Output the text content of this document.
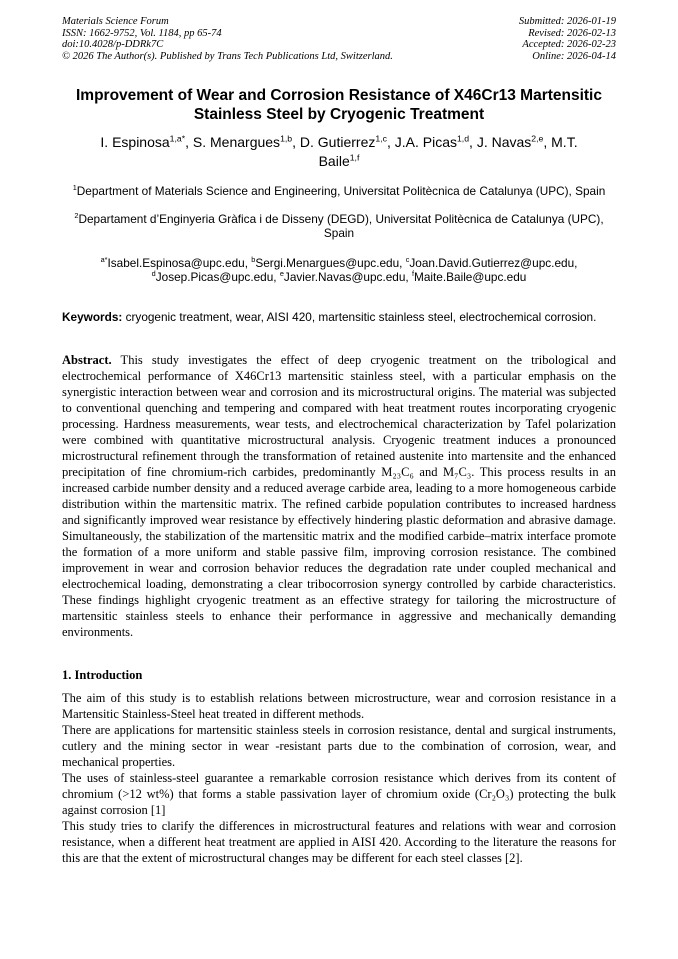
Materials Science Forum
ISSN: 1662-9752, Vol. 1184, pp 65-74
doi:10.4028/p-DDRk7C
© 2026 The Author(s). Published by Trans Tech Publications Ltd, Switzerland.
Submitted: 2026-01-19
Revised: 2026-02-13
Accepted: 2026-02-23
Online: 2026-04-14
Improvement of Wear and Corrosion Resistance of X46Cr13 Martensitic Stainless Steel by Cryogenic Treatment

I. Espinosa$^{1,a*}$, S. Menargues$^{1,b}$, D. Gutierrez$^{1,c}$, J.A. Picas$^{1,d}$, J. Navas$^{2,e}$, M.T. Baile$^{1,f}$

$^1$Department of Materials Science and Engineering, Universitat Politècnica de Catalunya (UPC), Spain

$^2$Departament d’Enginyeria Gràfica i de Disseny (DEGD), Universitat Politècnica de Catalunya (UPC), Spain

$^{a*}$Isabel.Espinosa@upc.edu, $^b$Sergi.Menargues@upc.edu, $^c$Joan.David.Gutierrez@upc.edu, $^d$Josep.Picas@upc.edu, $^e$Javier.Navas@upc.edu, $^f$Maite.Baile@upc.edu

Keywords: cryogenic treatment, wear, AISI 420, martensitic stainless steel, electrochemical corrosion.

Abstract. This study investigates the effect of deep cryogenic treatment on the tribological and electrochemical performance of X46Cr13 martensitic stainless steel, with a particular emphasis on the synergistic interaction between wear and corrosion and its microstructural origins. The material was subjected to conventional quenching and tempering and compared with heat treatment routes incorporating cryogenic processing. Hardness measurements, wear tests, and electrochemical characterization by Tafel polarization were combined with quantitative microstructural analysis. Cryogenic treatment induces a pronounced microstructural refinement through the transformation of retained austenite into martensite and the enhanced precipitation of fine chromium-rich carbides, predominantly M₂₃C₆ and M₇C₃. This process results in an increased carbide number density and a reduced average carbide area, leading to a more homogeneous carbide distribution within the martensitic matrix. The refined carbide population contributes to increased hardness and significantly improved wear resistance by effectively hindering plastic deformation and abrasive damage. Simultaneously, the stabilization of the martensitic matrix and the modified carbide–matrix interface promote the formation of a more uniform and stable passive film, improving corrosion resistance. The combined improvement in wear and corrosion behavior reduces the degradation rate under coupled mechanical and electrochemical loading, demonstrating a clear tribocorrosion synergy controlled by carbide characteristics. These findings highlight cryogenic treatment as an effective strategy for tailoring the microstructure of martensitic stainless steels to enhance their performance in aggressive and mechanically demanding environments.

1. Introduction

The aim of this study is to establish relations between microstructure, wear and corrosion resistance in a Martensitic Stainless-Steel heat treated in different methods.

There are applications for martensitic stainless steels in corrosion resistance, dental and surgical instruments, cutlery and the mining sector in wear -resistant parts due to the combination of corrosion, wear, and mechanical properties.

The uses of stainless-steel guarantee a remarkable corrosion resistance which derives from its content of chromium (>12 wt%) that forms a stable passivation layer of chromium oxide (Cr₂O₃) protecting the bulk against corrosion [1]

This study tries to clarify the differences in microstructural features and relations with wear and corrosion resistance, when a different heat treatment are applied in AISI 420. According to the literature the reasons for this are that the extent of microstructural changes may be different for each steel classes [2].
